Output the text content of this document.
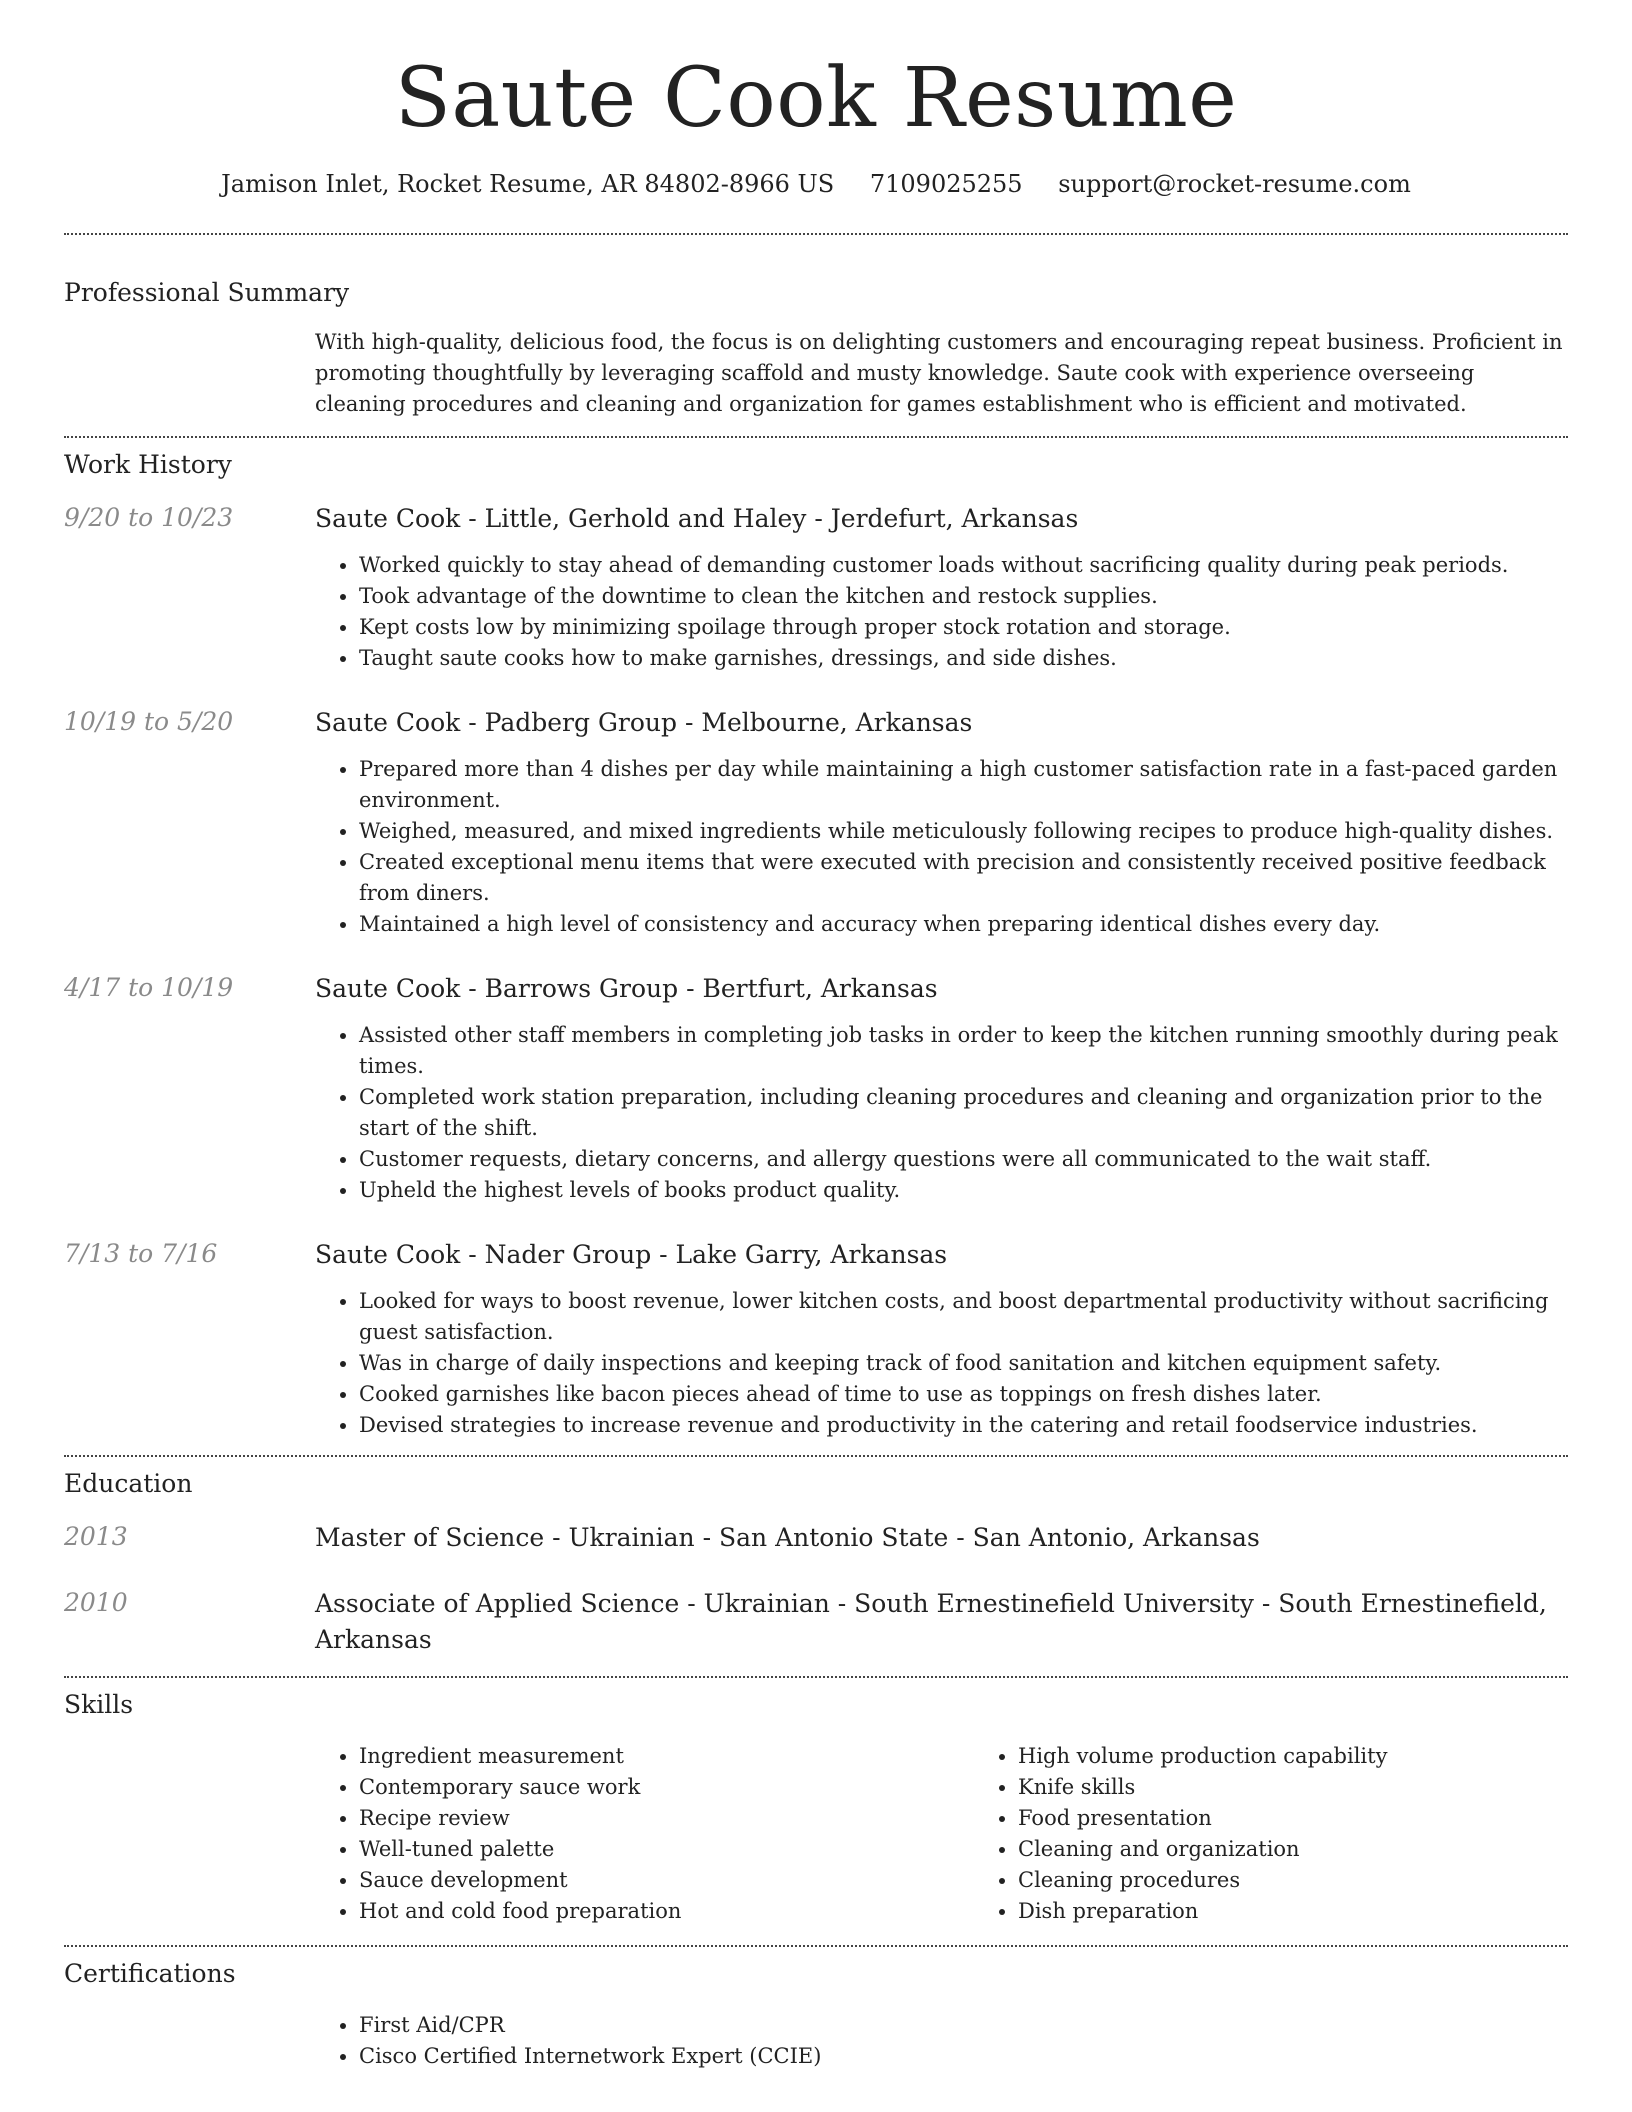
Saute Cook Resume
Jamison Inlet, Rocket Resume, AR 84802-8966 US 7109025255 support@rocket-resume.com
Professional Summary

With high-quality, delicious food, the focus is on delighting customers and encouraging repeat business. Proficient in promoting thoughtfully by leveraging scaffold and musty knowledge. Saute cook with experience overseeing cleaning procedures and cleaning and organization for games establishment who is efficient and motivated.

Work History
9/20 to 10/23	Saute Cook - Little, Gerhold and Haley - Jerdefurt, Arkansas
• Worked quickly to stay ahead of demanding customer loads without sacrificing quality during peak periods.
• Took advantage of the downtime to clean the kitchen and restock supplies.
• Kept costs low by minimizing spoilage through proper stock rotation and storage.
• Taught saute cooks how to make garnishes, dressings, and side dishes.
10/19 to 5/20	Saute Cook - Padberg Group - Melbourne, Arkansas
• Prepared more than 4 dishes per day while maintaining a high customer satisfaction rate in a fast-paced garden environment.
• Weighed, measured, and mixed ingredients while meticulously following recipes to produce high-quality dishes.
• Created exceptional menu items that were executed with precision and consistently received positive feedback from diners.
• Maintained a high level of consistency and accuracy when preparing identical dishes every day.
4/17 to 10/19	Saute Cook - Barrows Group - Bertfurt, Arkansas
• Assisted other staff members in completing job tasks in order to keep the kitchen running smoothly during peak times.
• Completed work station preparation, including cleaning procedures and cleaning and organization prior to the start of the shift.
• Customer requests, dietary concerns, and allergy questions were all communicated to the wait staff.
• Upheld the highest levels of books product quality.
7/13 to 7/16	Saute Cook - Nader Group - Lake Garry, Arkansas
• Looked for ways to boost revenue, lower kitchen costs, and boost departmental productivity without sacrificing guest satisfaction.
• Was in charge of daily inspections and keeping track of food sanitation and kitchen equipment safety.
• Cooked garnishes like bacon pieces ahead of time to use as toppings on fresh dishes later.
• Devised strategies to increase revenue and productivity in the catering and retail foodservice industries.
Education
2013	Master of Science - Ukrainian - San Antonio State - San Antonio, Arkansas
2010	Associate of Applied Science - Ukrainian - South Ernestinefield University - South Ernestinefield, Arkansas
Skills
• Ingredient measurement
• Contemporary sauce work
• Recipe review
• Well-tuned palette
• Sauce development
• Hot and cold food preparation
• High volume production capability
• Knife skills
• Food presentation
• Cleaning and organization
• Cleaning procedures
• Dish preparation
Certifications
• First Aid/CPR
• Cisco Certified Internetwork Expert (CCIE)
